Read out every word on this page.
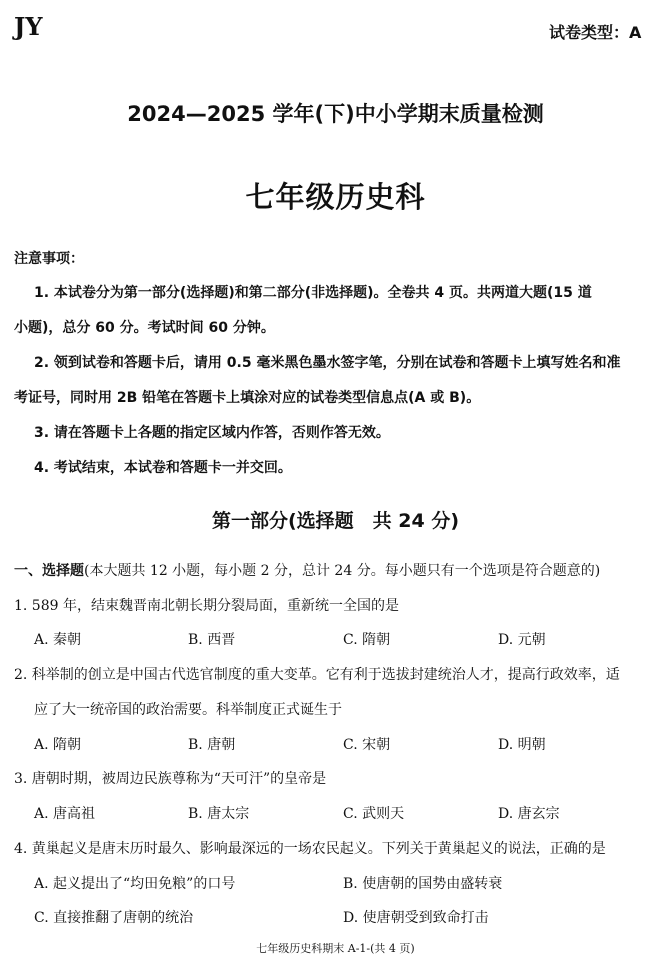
JY	试卷类型：A
2024—2025 学年(下)中小学期末质量检测
七年级历史科
注意事项：
1. 本试卷分为第一部分(选择题)和第二部分(非选择题)。全卷共 4 页。共两道大题(15 道
小题)，总分 60 分。考试时间 60 分钟。
2. 领到试卷和答题卡后，请用 0.5 毫米黑色墨水签字笔，分别在试卷和答题卡上填写姓名和准
考证号，同时用 2B 铅笔在答题卡上填涂对应的试卷类型信息点(A 或 B)。
3. 请在答题卡上各题的指定区域内作答，否则作答无效。
4. 考试结束，本试卷和答题卡一并交回。
第一部分(选择题　共 24 分)
一、选择题(本大题共 12 小题，每小题 2 分，总计 24 分。每小题只有一个选项是符合题意的)
1. 589 年，结束魏晋南北朝长期分裂局面，重新统一全国的是
A. 秦朝	B. 西晋	C. 隋朝	D. 元朝
2. 科举制的创立是中国古代选官制度的重大变革。它有利于选拔封建统治人才，提高行政效率，适
应了大一统帝国的政治需要。科举制度正式诞生于
A. 隋朝	B. 唐朝	C. 宋朝	D. 明朝
3. 唐朝时期，被周边民族尊称为“天可汗”的皇帝是
A. 唐高祖	B. 唐太宗	C. 武则天	D. 唐玄宗
4. 黄巢起义是唐末历时最久、影响最深远的一场农民起义。下列关于黄巢起义的说法，正确的是
A. 起义提出了“均田免粮”的口号	B. 使唐朝的国势由盛转衰
C. 直接推翻了唐朝的统治	D. 使唐朝受到致命打击
七年级历史科期末 A-1-(共 4 页)
